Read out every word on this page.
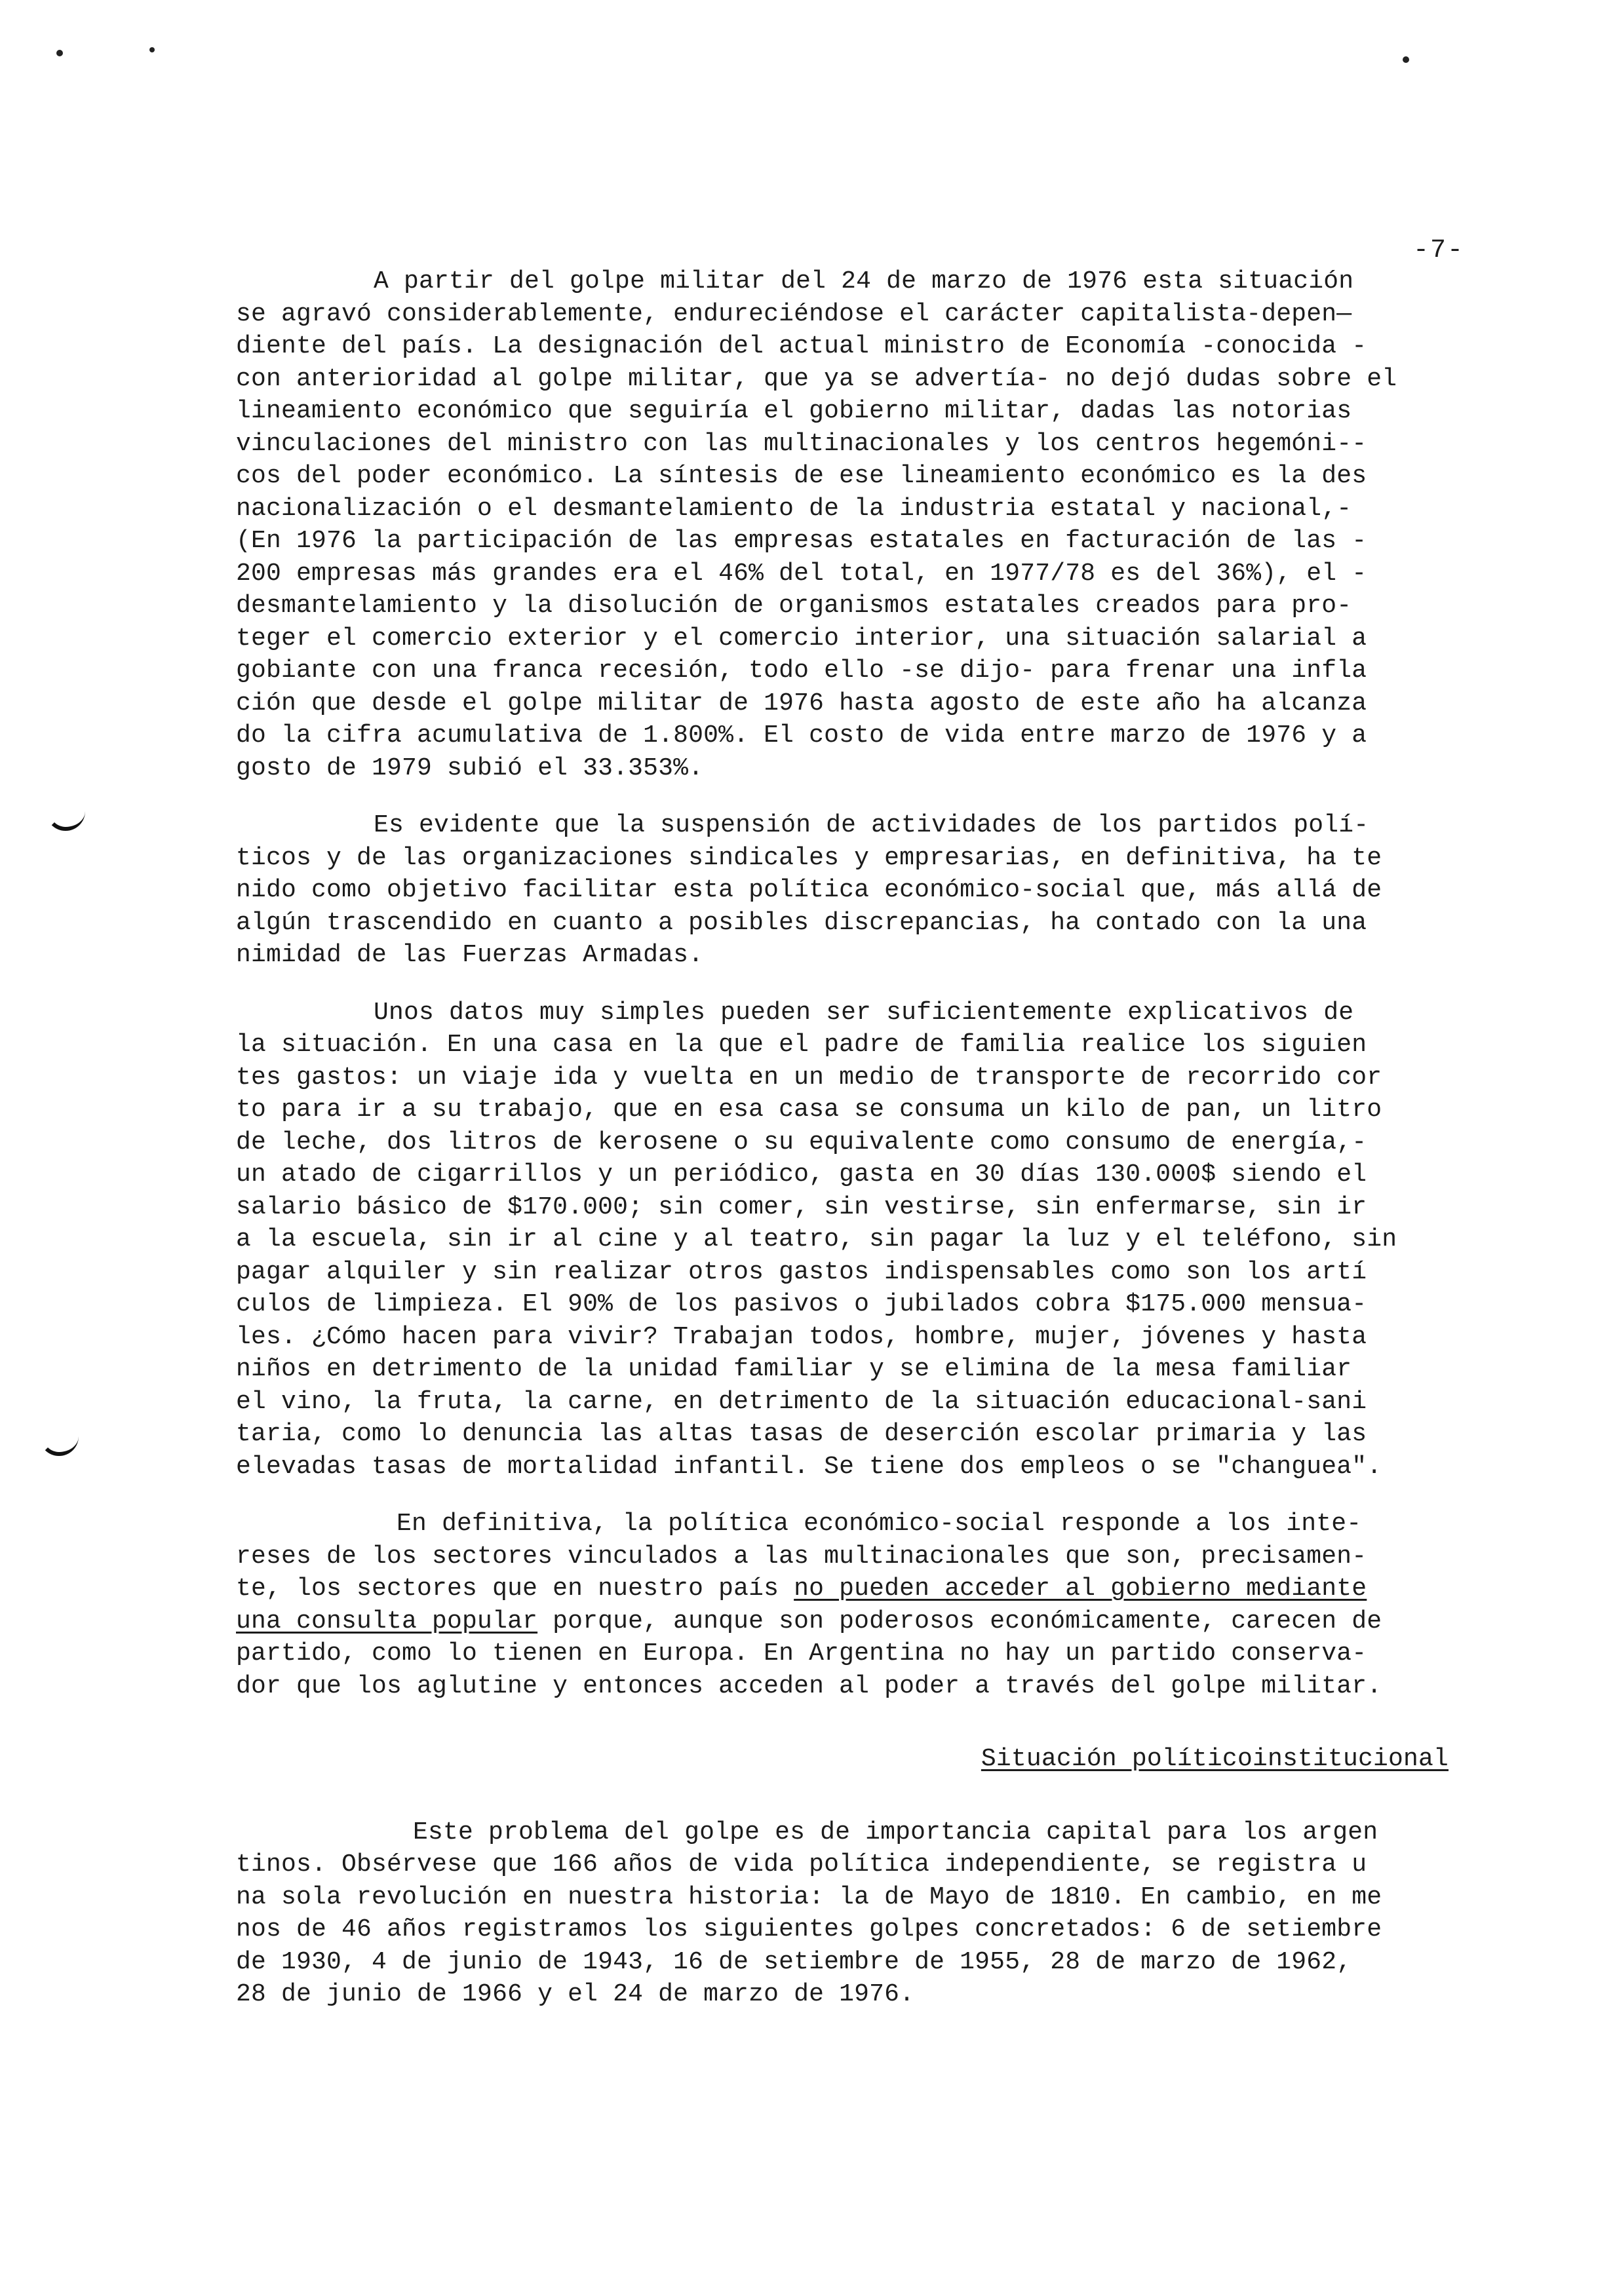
-7-
A partir del golpe militar del 24 de marzo de 1976 esta situación
se agravó considerablemente, endureciéndose el carácter capitalista-depen—
diente del país. La designación del actual ministro de Economía -conocida -
con anterioridad al golpe militar, que ya se advertía- no dejó dudas sobre el
lineamiento económico que seguiría el gobierno militar, dadas las notorias
vinculaciones del ministro con las multinacionales y los centros hegemóni--
cos del poder económico. La síntesis de ese lineamiento económico es la des
nacionalización o el desmantelamiento de la industria estatal y nacional,-
(En 1976 la participación de las empresas estatales en facturación de las -
200 empresas más grandes era el 46% del total, en 1977/78 es del 36%), el -
desmantelamiento y la disolución de organismos estatales creados para pro-
teger el comercio exterior y el comercio interior, una situación salarial a
gobiante con una franca recesión, todo ello -se dijo- para frenar una infla
ción que desde el golpe militar de 1976 hasta agosto de este año ha alcanza
do la cifra acumulativa de 1.800%. El costo de vida entre marzo de 1976 y a
gosto de 1979 subió el 33.353%.
Es evidente que la suspensión de actividades de los partidos polí-
ticos y de las organizaciones sindicales y empresarias, en definitiva, ha te
nido como objetivo facilitar esta política económico-social que, más allá de
algún trascendido en cuanto a posibles discrepancias, ha contado con la una
nimidad de las Fuerzas Armadas.
Unos datos muy simples pueden ser suficientemente explicativos de
la situación. En una casa en la que el padre de familia realice los siguien
tes gastos: un viaje ida y vuelta en un medio de transporte de recorrido cor
to para ir a su trabajo, que en esa casa se consuma un kilo de pan, un litro
de leche, dos litros de kerosene o su equivalente como consumo de energía,-
un atado de cigarrillos y un periódico, gasta en 30 días 130.000$ siendo el
salario básico de $170.000; sin comer, sin vestirse, sin enfermarse, sin ir
a la escuela, sin ir al cine y al teatro, sin pagar la luz y el teléfono, sin
pagar alquiler y sin realizar otros gastos indispensables como son los artí
culos de limpieza. El 90% de los pasivos o jubilados cobra $175.000 mensua-
les. ¿Cómo hacen para vivir? Trabajan todos, hombre, mujer, jóvenes y hasta
niños en detrimento de la unidad familiar y se elimina de la mesa familiar
el vino, la fruta, la carne, en detrimento de la situación educacional-sani
taria, como lo denuncia las altas tasas de deserción escolar primaria y las
elevadas tasas de mortalidad infantil. Se tiene dos empleos o se "changuea".
En definitiva, la política económico-social responde a los inte-
reses de los sectores vinculados a las multinacionales que son, precisamen-
te, los sectores que en nuestro país no pueden acceder al gobierno mediante
una consulta popular porque, aunque son poderosos económicamente, carecen de
partido, como lo tienen en Europa. En Argentina no hay un partido conserva-
dor que los aglutine y entonces acceden al poder a través del golpe militar.
Situación políticoinstitucional
Este problema del golpe es de importancia capital para los argen
tinos. Obsérvese que 166 años de vida política independiente, se registra u
na sola revolución en nuestra historia: la de Mayo de 1810. En cambio, en me
nos de 46 años registramos los siguientes golpes concretados: 6 de setiembre
de 1930, 4 de junio de 1943, 16 de setiembre de 1955, 28 de marzo de 1962,
28 de junio de 1966 y el 24 de marzo de 1976.
